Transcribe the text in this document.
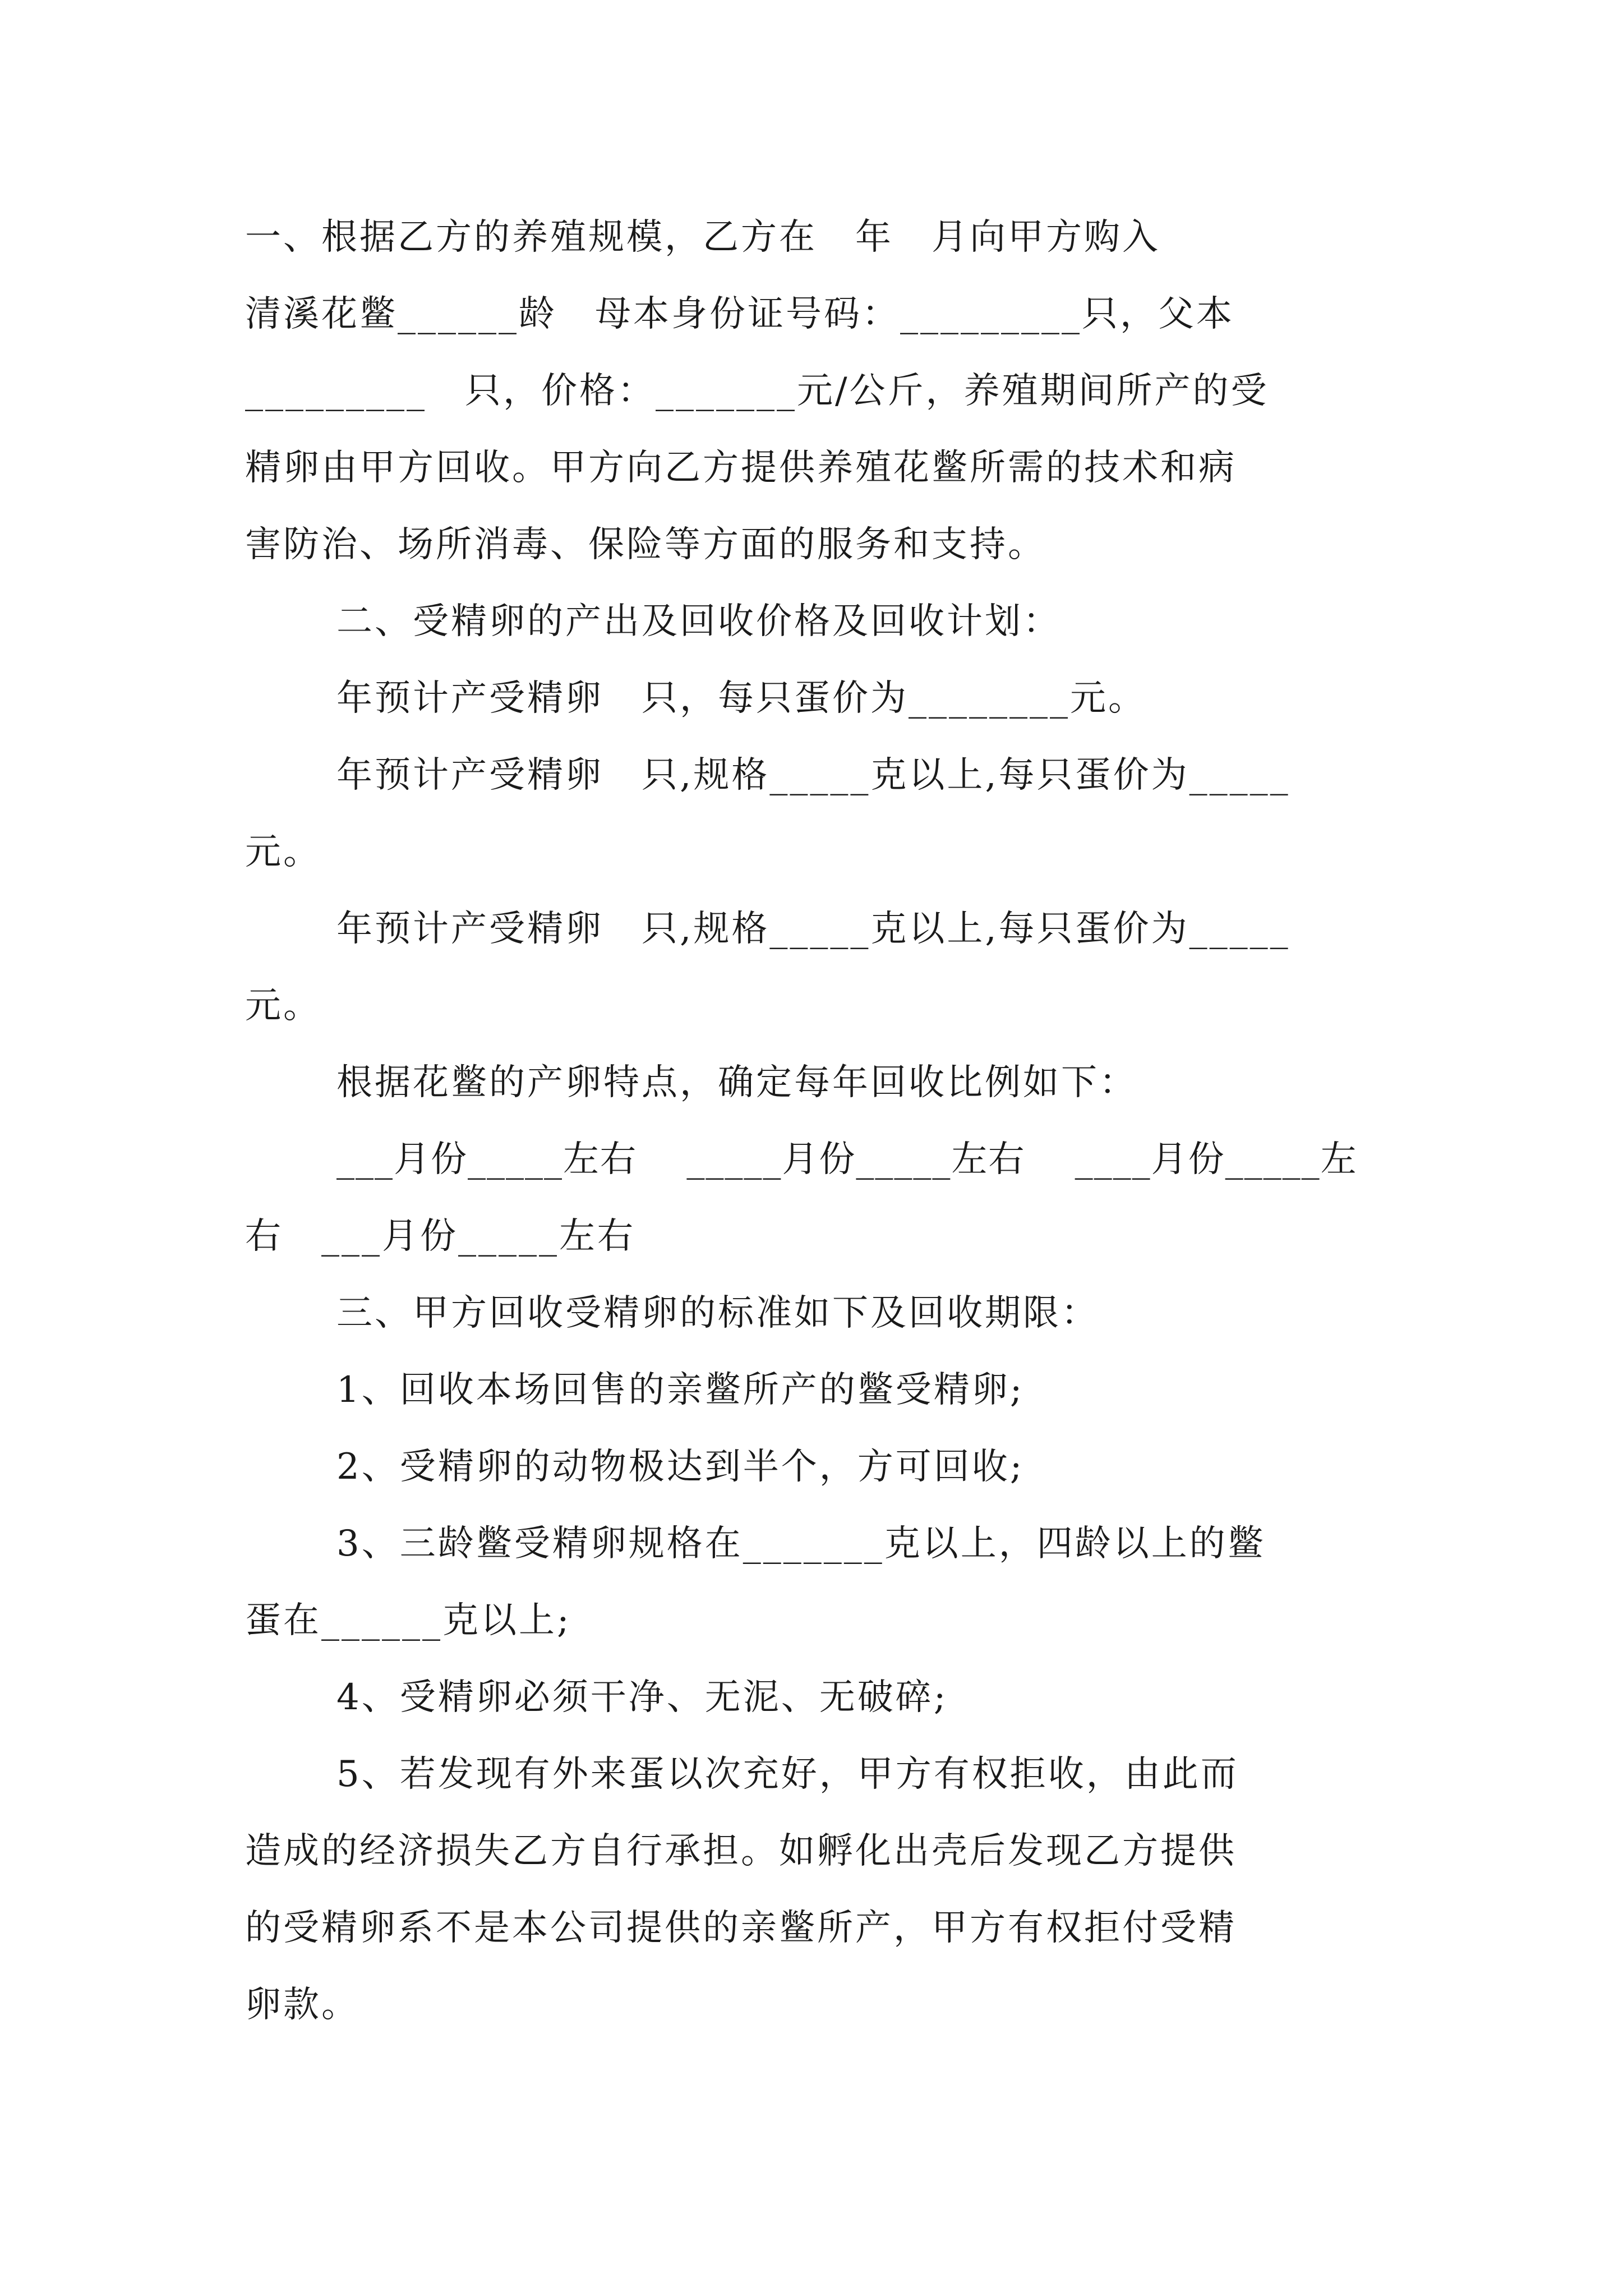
一、根据乙方的养殖规模，乙方在　年　月向甲方购入
清溪花鳖______龄　母本身份证号码：_________只，父本
_________　只，价格：_______元/公斤，养殖期间所产的受
精卵由甲方回收。甲方向乙方提供养殖花鳖所需的技术和病
害防治、场所消毒、保险等方面的服务和支持。
二、受精卵的产出及回收价格及回收计划：
年预计产受精卵　只，每只蛋价为________元。
年预计产受精卵　只,规格_____克以上,每只蛋价为_____
元。
年预计产受精卵　只,规格_____克以上,每只蛋价为_____
元。
根据花鳖的产卵特点，确定每年回收比例如下：
___月份_____左右　 _____月份_____左右　 ____月份_____左
右　___月份_____左右
三、甲方回收受精卵的标准如下及回收期限：
1、回收本场回售的亲鳖所产的鳖受精卵;
2、受精卵的动物极达到半个，方可回收;
3、三龄鳖受精卵规格在_______克以上，四龄以上的鳖
蛋在______克以上;
4、受精卵必须干净、无泥、无破碎;
5、若发现有外来蛋以次充好，甲方有权拒收，由此而
造成的经济损失乙方自行承担。如孵化出壳后发现乙方提供
的受精卵系不是本公司提供的亲鳖所产，甲方有权拒付受精
卵款。
